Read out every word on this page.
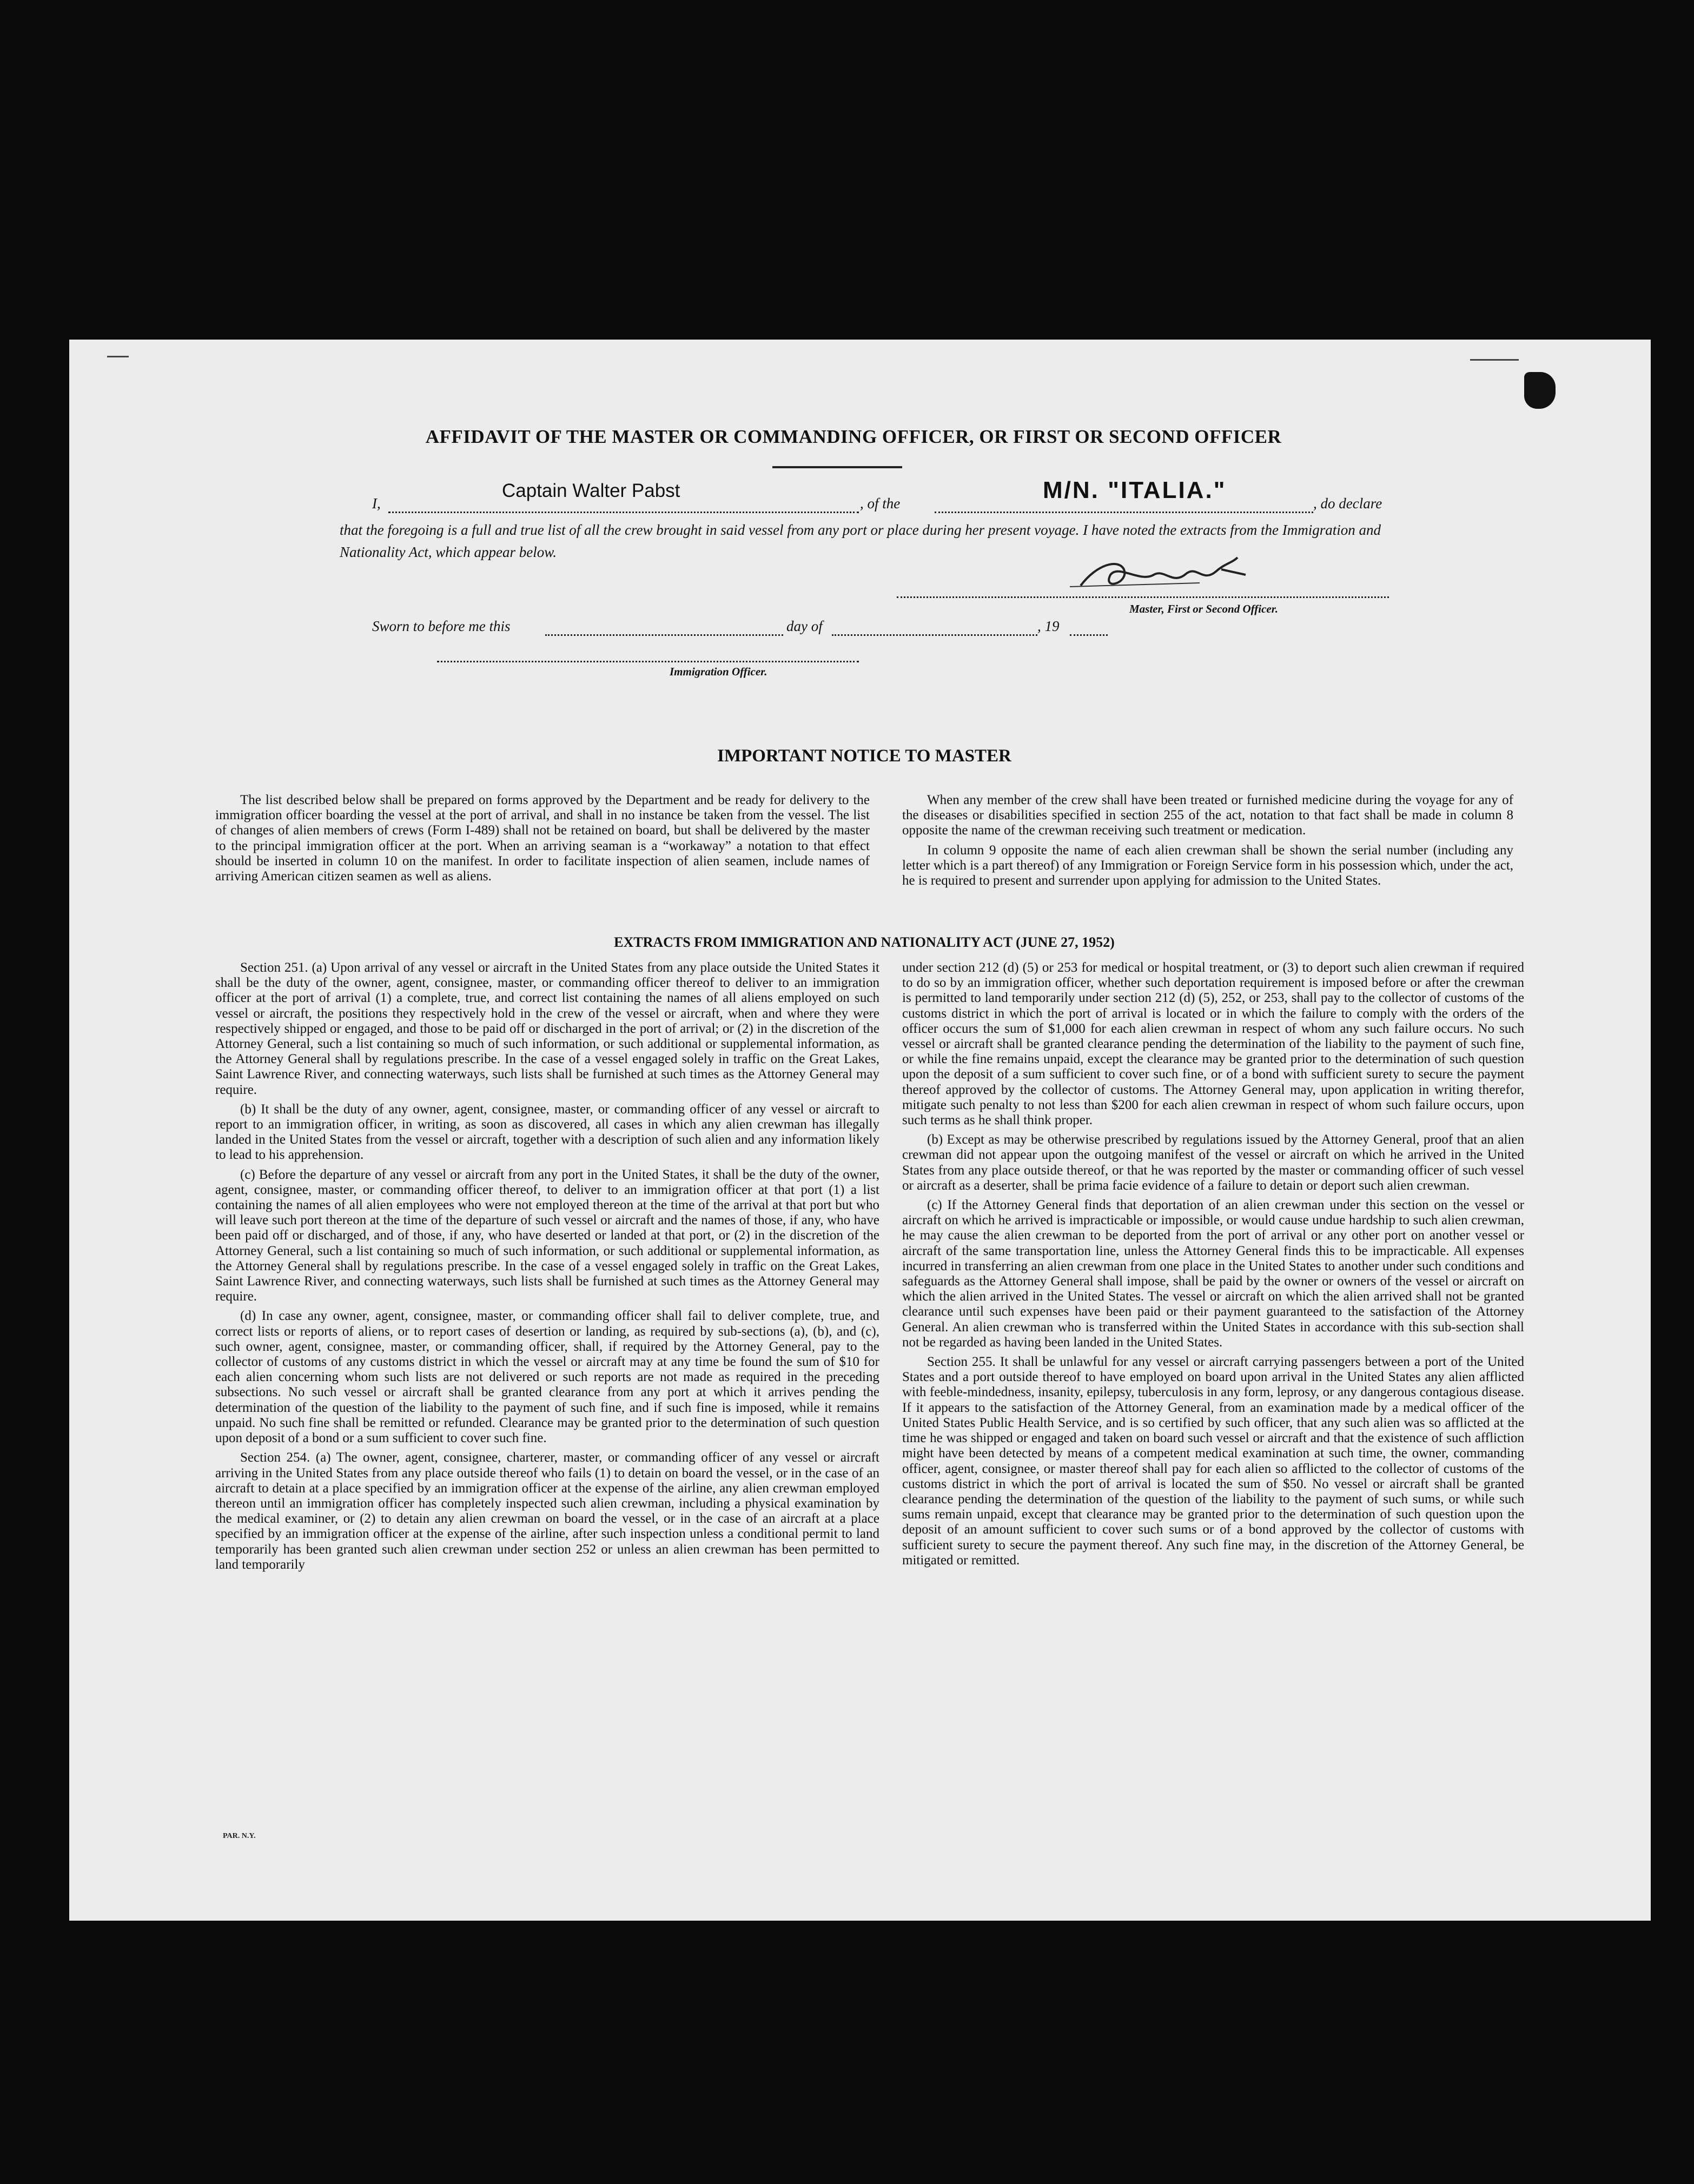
AFFIDAVIT OF THE MASTER OR COMMANDING OFFICER, OR FIRST OR SECOND OFFICER
I,
Captain Walter Pabst
, of the	M/N. "ITALIA."	, do declare
that the foregoing is a full and true list of all the crew brought in said vessel from any port or place during her present voyage. I have noted the extracts from the Immigration and Nationality Act, which appear below.
Master, First or Second Officer.
Sworn to before me this	day of	, 19
Immigration Officer.
IMPORTANT NOTICE TO MASTER

The list described below shall be prepared on forms approved by the Department and be ready for delivery to the immigration officer boarding the vessel at the port of arrival, and shall in no instance be taken from the vessel. The list of changes of alien members of crews (Form I-489) shall not be retained on board, but shall be delivered by the master to the principal immigration officer at the port. When an arriving seaman is a “workaway” a notation to that effect should be inserted in column 10 on the manifest. In order to facilitate inspection of alien seamen, include names of arriving American citizen seamen as well as aliens.

When any member of the crew shall have been treated or furnished medicine during the voyage for any of the diseases or disabilities specified in section 255 of the act, notation to that fact shall be made in column 8 opposite the name of the crewman receiving such treatment or medication.

In column 9 opposite the name of each alien crewman shall be shown the serial number (including any letter which is a part thereof) of any Immigration or Foreign Service form in his possession which, under the act, he is required to present and surrender upon applying for admission to the United States.

EXTRACTS FROM IMMIGRATION AND NATIONALITY ACT (JUNE 27, 1952)

Section 251. (a) Upon arrival of any vessel or aircraft in the United States from any place outside the United States it shall be the duty of the owner, agent, consignee, master, or commanding officer thereof to deliver to an immigration officer at the port of arrival (1) a complete, true, and correct list containing the names of all aliens employed on such vessel or aircraft, the positions they respectively hold in the crew of the vessel or aircraft, when and where they were respectively shipped or engaged, and those to be paid off or discharged in the port of arrival; or (2) in the discretion of the Attorney General, such a list containing so much of such information, or such additional or supplemental information, as the Attorney General shall by regulations prescribe. In the case of a vessel engaged solely in traffic on the Great Lakes, Saint Lawrence River, and connecting waterways, such lists shall be furnished at such times as the Attorney General may require.

(b) It shall be the duty of any owner, agent, consignee, master, or commanding officer of any vessel or aircraft to report to an immigration officer, in writing, as soon as discovered, all cases in which any alien crewman has illegally landed in the United States from the vessel or aircraft, together with a description of such alien and any information likely to lead to his apprehension.

(c) Before the departure of any vessel or aircraft from any port in the United States, it shall be the duty of the owner, agent, consignee, master, or commanding officer thereof, to deliver to an immigration officer at that port (1) a list containing the names of all alien employees who were not employed thereon at the time of the arrival at that port but who will leave such port thereon at the time of the departure of such vessel or aircraft and the names of those, if any, who have been paid off or discharged, and of those, if any, who have deserted or landed at that port, or (2) in the discretion of the Attorney General, such a list containing so much of such information, or such additional or supplemental information, as the Attorney General shall by regulations prescribe. In the case of a vessel engaged solely in traffic on the Great Lakes, Saint Lawrence River, and connecting waterways, such lists shall be furnished at such times as the Attorney General may require.

(d) In case any owner, agent, consignee, master, or commanding officer shall fail to deliver complete, true, and correct lists or reports of aliens, or to report cases of desertion or landing, as required by sub-sections (a), (b), and (c), such owner, agent, consignee, master, or commanding officer, shall, if required by the Attorney General, pay to the collector of customs of any customs district in which the vessel or aircraft may at any time be found the sum of $10 for each alien concerning whom such lists are not delivered or such reports are not made as required in the preceding subsections. No such vessel or aircraft shall be granted clearance from any port at which it arrives pending the determination of the question of the liability to the payment of such fine, and if such fine is imposed, while it remains unpaid. No such fine shall be remitted or refunded. Clearance may be granted prior to the determination of such question upon deposit of a bond or a sum sufficient to cover such fine.

Section 254. (a) The owner, agent, consignee, charterer, master, or commanding officer of any vessel or aircraft arriving in the United States from any place outside thereof who fails (1) to detain on board the vessel, or in the case of an aircraft to detain at a place specified by an immigration officer at the expense of the airline, any alien crewman employed thereon until an immigration officer has completely inspected such alien crewman, including a physical examination by the medical examiner, or (2) to detain any alien crewman on board the vessel, or in the case of an aircraft at a place specified by an immigration officer at the expense of the airline, after such inspection unless a conditional permit to land temporarily has been granted such alien crewman under section 252 or unless an alien crewman has been permitted to land temporarily

under section 212 (d) (5) or 253 for medical or hospital treatment, or (3) to deport such alien crewman if required to do so by an immigration officer, whether such deportation requirement is imposed before or after the crewman is permitted to land temporarily under section 212 (d) (5), 252, or 253, shall pay to the collector of customs of the customs district in which the port of arrival is located or in which the failure to comply with the orders of the officer occurs the sum of $1,000 for each alien crewman in respect of whom any such failure occurs. No such vessel or aircraft shall be granted clearance pending the determination of the liability to the payment of such fine, or while the fine remains unpaid, except the clearance may be granted prior to the determination of such question upon the deposit of a sum sufficient to cover such fine, or of a bond with sufficient surety to secure the payment thereof approved by the collector of customs. The Attorney General may, upon application in writing therefor, mitigate such penalty to not less than $200 for each alien crewman in respect of whom such failure occurs, upon such terms as he shall think proper.

(b) Except as may be otherwise prescribed by regulations issued by the Attorney General, proof that an alien crewman did not appear upon the outgoing manifest of the vessel or aircraft on which he arrived in the United States from any place outside thereof, or that he was reported by the master or commanding officer of such vessel or aircraft as a deserter, shall be prima facie evidence of a failure to detain or deport such alien crewman.

(c) If the Attorney General finds that deportation of an alien crewman under this section on the vessel or aircraft on which he arrived is impracticable or impossible, or would cause undue hardship to such alien crewman, he may cause the alien crewman to be deported from the port of arrival or any other port on another vessel or aircraft of the same transportation line, unless the Attorney General finds this to be impracticable. All expenses incurred in transferring an alien crewman from one place in the United States to another under such conditions and safeguards as the Attorney General shall impose, shall be paid by the owner or owners of the vessel or aircraft on which the alien arrived in the United States. The vessel or aircraft on which the alien arrived shall not be granted clearance until such expenses have been paid or their payment guaranteed to the satisfaction of the Attorney General. An alien crewman who is transferred within the United States in accordance with this sub-section shall not be regarded as having been landed in the United States.

Section 255. It shall be unlawful for any vessel or aircraft carrying passengers between a port of the United States and a port outside thereof to have employed on board upon arrival in the United States any alien afflicted with feeble-mindedness, insanity, epilepsy, tuberculosis in any form, leprosy, or any dangerous contagious disease. If it appears to the satisfaction of the Attorney General, from an examination made by a medical officer of the United States Public Health Service, and is so certified by such officer, that any such alien was so afflicted at the time he was shipped or engaged and taken on board such vessel or aircraft and that the existence of such affliction might have been detected by means of a competent medical examination at such time, the owner, commanding officer, agent, consignee, or master thereof shall pay for each alien so afflicted to the collector of customs of the customs district in which the port of arrival is located the sum of $50. No vessel or aircraft shall be granted clearance pending the determination of the question of the liability to the payment of such sums, or while such sums remain unpaid, except that clearance may be granted prior to the determination of such question upon the deposit of an amount sufficient to cover such sums or of a bond approved by the collector of customs with sufficient surety to secure the payment thereof. Any such fine may, in the discretion of the Attorney General, be mitigated or remitted.

PAR. N.Y.
